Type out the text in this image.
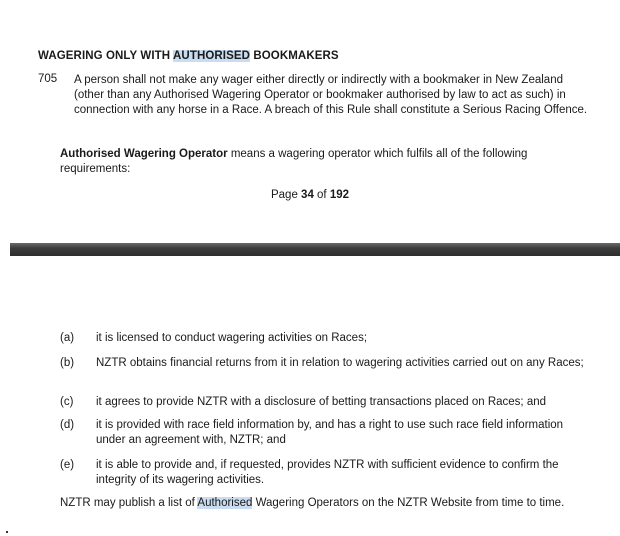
WAGERING ONLY WITH AUTHORISED BOOKMAKERS
705 A person shall not make any wager either directly or indirectly with a bookmaker in New Zealand (other than any Authorised Wagering Operator or bookmaker authorised by law to act as such) in connection with any horse in a Race. A breach of this Rule shall constitute a Serious Racing Offence.
Authorised Wagering Operator means a wagering operator which fulfils all of the following requirements:
Page 34 of 192
(a) it is licensed to conduct wagering activities on Races;
(b) NZTR obtains financial returns from it in relation to wagering activities carried out on any Races;
(c) it agrees to provide NZTR with a disclosure of betting transactions placed on Races; and
(d) it is provided with race field information by, and has a right to use such race field information under an agreement with, NZTR; and
(e) it is able to provide and, if requested, provides NZTR with sufficient evidence to confirm the integrity of its wagering activities.
NZTR may publish a list of Authorised Wagering Operators on the NZTR Website from time to time.
